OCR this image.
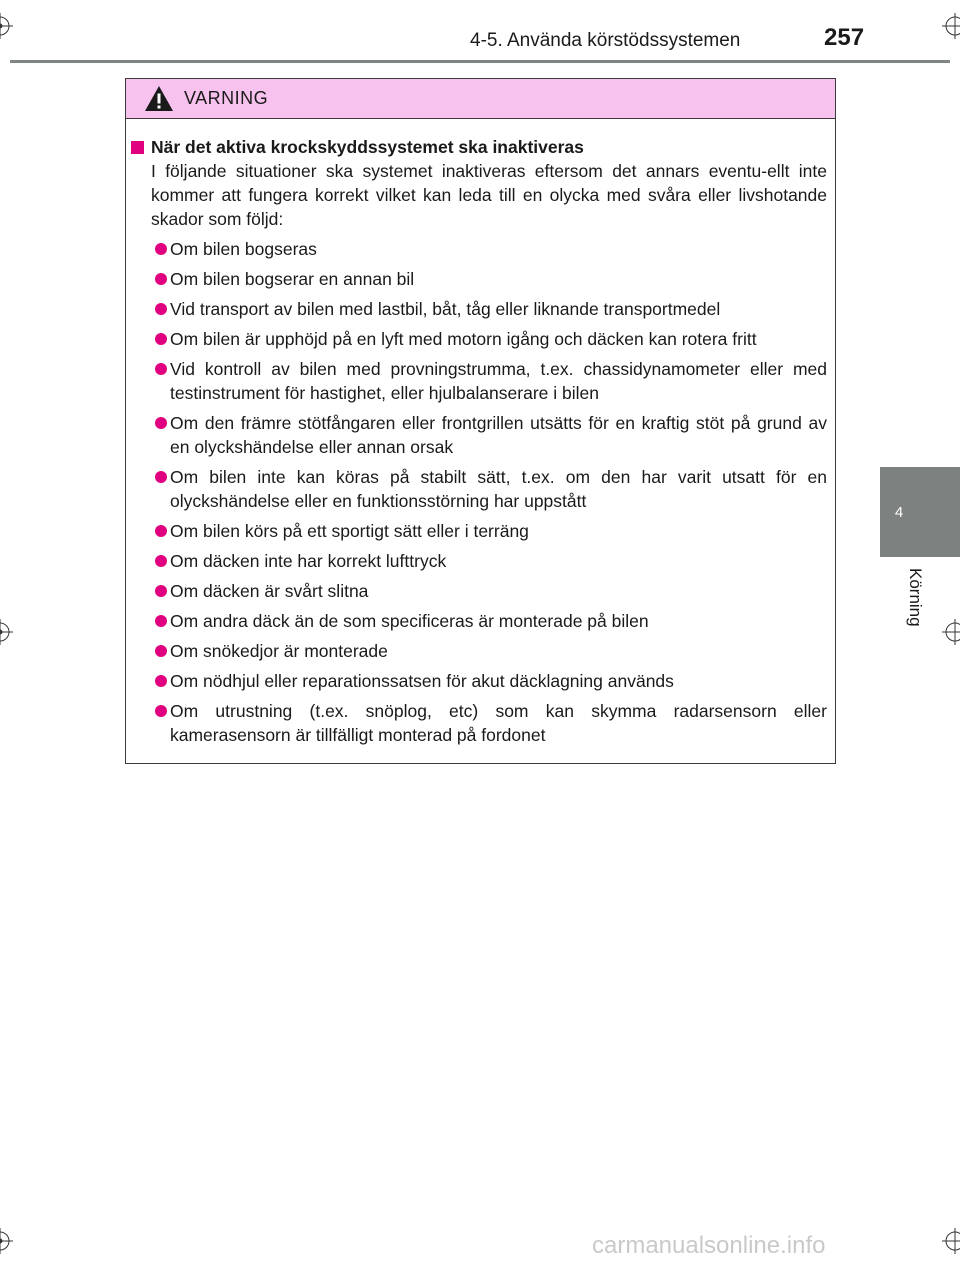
4-5. Använda körstödssystemen	257
4
Körning
VARNING
När det aktiva krockskyddssystemet ska inaktiveras
I följande situationer ska systemet inaktiveras eftersom det annars eventu-ellt inte kommer att fungera korrekt vilket kan leda till en olycka med svåra eller livshotande skador som följd:
Om bilen bogseras
Om bilen bogserar en annan bil
Vid transport av bilen med lastbil, båt, tåg eller liknande transportmedel
Om bilen är upphöjd på en lyft med motorn igång och däcken kan rotera fritt
Vid kontroll av bilen med provningstrumma, t.ex. chassidynamometer eller med testinstrument för hastighet, eller hjulbalanserare i bilen
Om den främre stötfångaren eller frontgrillen utsätts för en kraftig stöt på grund av en olyckshändelse eller annan orsak
Om bilen inte kan köras på stabilt sätt, t.ex. om den har varit utsatt för en olyckshändelse eller en funktionsstörning har uppstått
Om bilen körs på ett sportigt sätt eller i terräng
Om däcken inte har korrekt lufttryck
Om däcken är svårt slitna
Om andra däck än de som specificeras är monterade på bilen
Om snökedjor är monterade
Om nödhjul eller reparationssatsen för akut däcklagning används
Om utrustning (t.ex. snöplog, etc) som kan skymma radarsensorn eller kamerasensorn är tillfälligt monterad på fordonet
carmanualsonline.info
